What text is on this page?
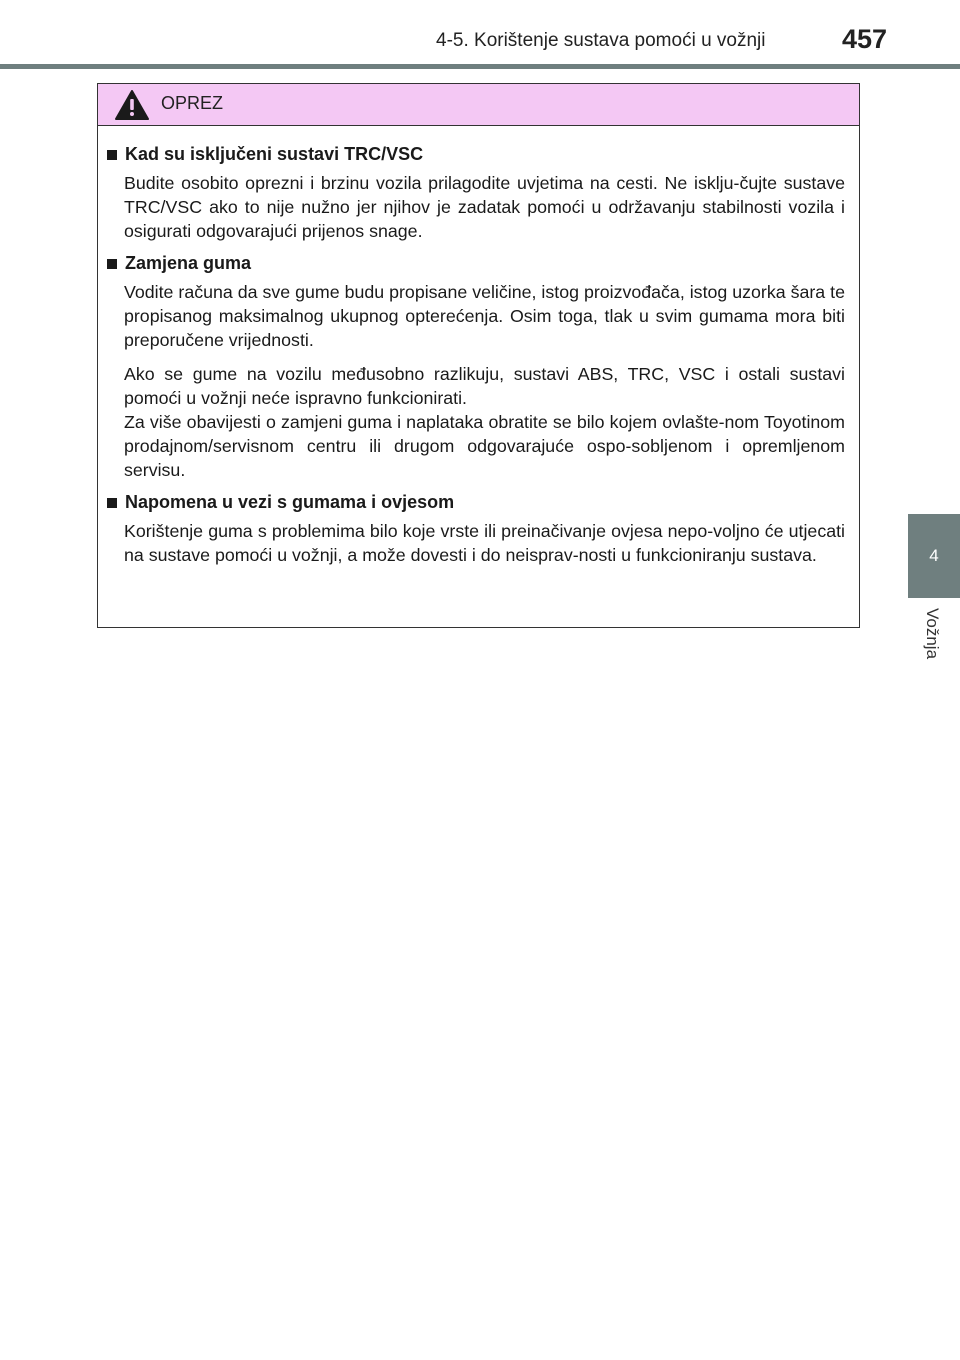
4-5. Korištenje sustava pomoći u vožnji	457
4
Vožnja
OPREZ
Kad su isključeni sustavi TRC/VSC

Budite osobito oprezni i brzinu vozila prilagodite uvjetima na cesti. Ne isklju-čujte sustave TRC/VSC ako to nije nužno jer njihov je zadatak pomoći u održavanju stabilnosti vozila i osigurati odgovarajući prijenos snage.

Zamjena guma

Vodite računa da sve gume budu propisane veličine, istog proizvođača, istog uzorka šara te propisanog maksimalnog ukupnog opterećenja. Osim toga, tlak u svim gumama mora biti preporučene vrijednosti.

Ako se gume na vozilu međusobno razlikuju, sustavi ABS, TRC, VSC i ostali sustavi pomoći u vožnji neće ispravno funkcionirati.
Za više obavijesti o zamjeni guma i naplataka obratite se bilo kojem ovlašte-nom Toyotinom prodajnom/servisnom centru ili drugom odgovarajuće ospo-sobljenom i opremljenom servisu.

Napomena u vezi s gumama i ovjesom

Korištenje guma s problemima bilo koje vrste ili preinačivanje ovjesa nepo-voljno će utjecati na sustave pomoći u vožnji, a može dovesti i do neisprav-nosti u funkcioniranju sustava.
